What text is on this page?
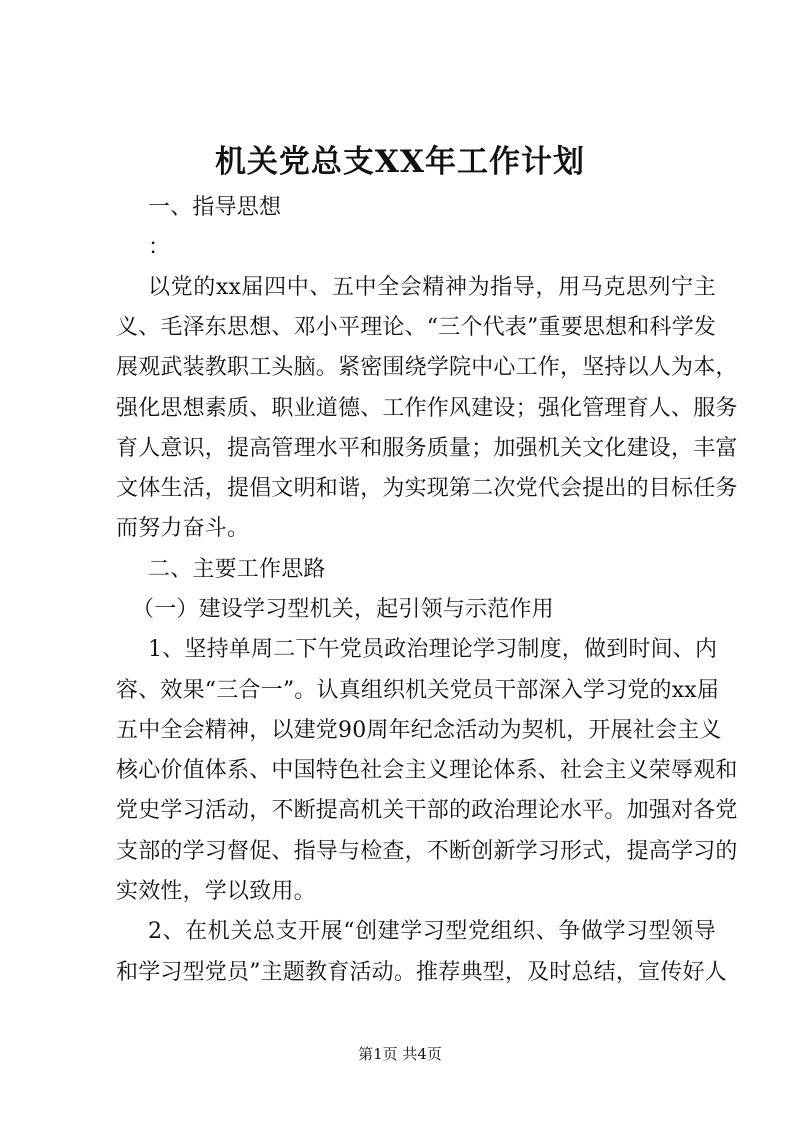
机关党总支XX年工作计划
一、指导思想
：
以党的xx届四中、五中全会精神为指导，用马克思列宁主
义、毛泽东思想、邓小平理论、“三个代表”重要思想和科学发
展观武装教职工头脑。紧密围绕学院中心工作，坚持以人为本，
强化思想素质、职业道德、工作作风建设；强化管理育人、服务
育人意识，提高管理水平和服务质量；加强机关文化建设，丰富
文体生活，提倡文明和谐，为实现第二次党代会提出的目标任务
而努力奋斗。
二、主要工作思路
（一）建设学习型机关，起引领与示范作用
1、坚持单周二下午党员政治理论学习制度，做到时间、内
容、效果“三合一”。认真组织机关党员干部深入学习党的xx届
五中全会精神，以建党90周年纪念活动为契机，开展社会主义
核心价值体系、中国特色社会主义理论体系、社会主义荣辱观和
党史学习活动，不断提高机关干部的政治理论水平。加强对各党
支部的学习督促、指导与检查，不断创新学习形式，提高学习的
实效性，学以致用。
2、在机关总支开展“创建学习型党组织、争做学习型领导
和学习型党员”主题教育活动。推荐典型，及时总结，宣传好人
第1页 共4页
